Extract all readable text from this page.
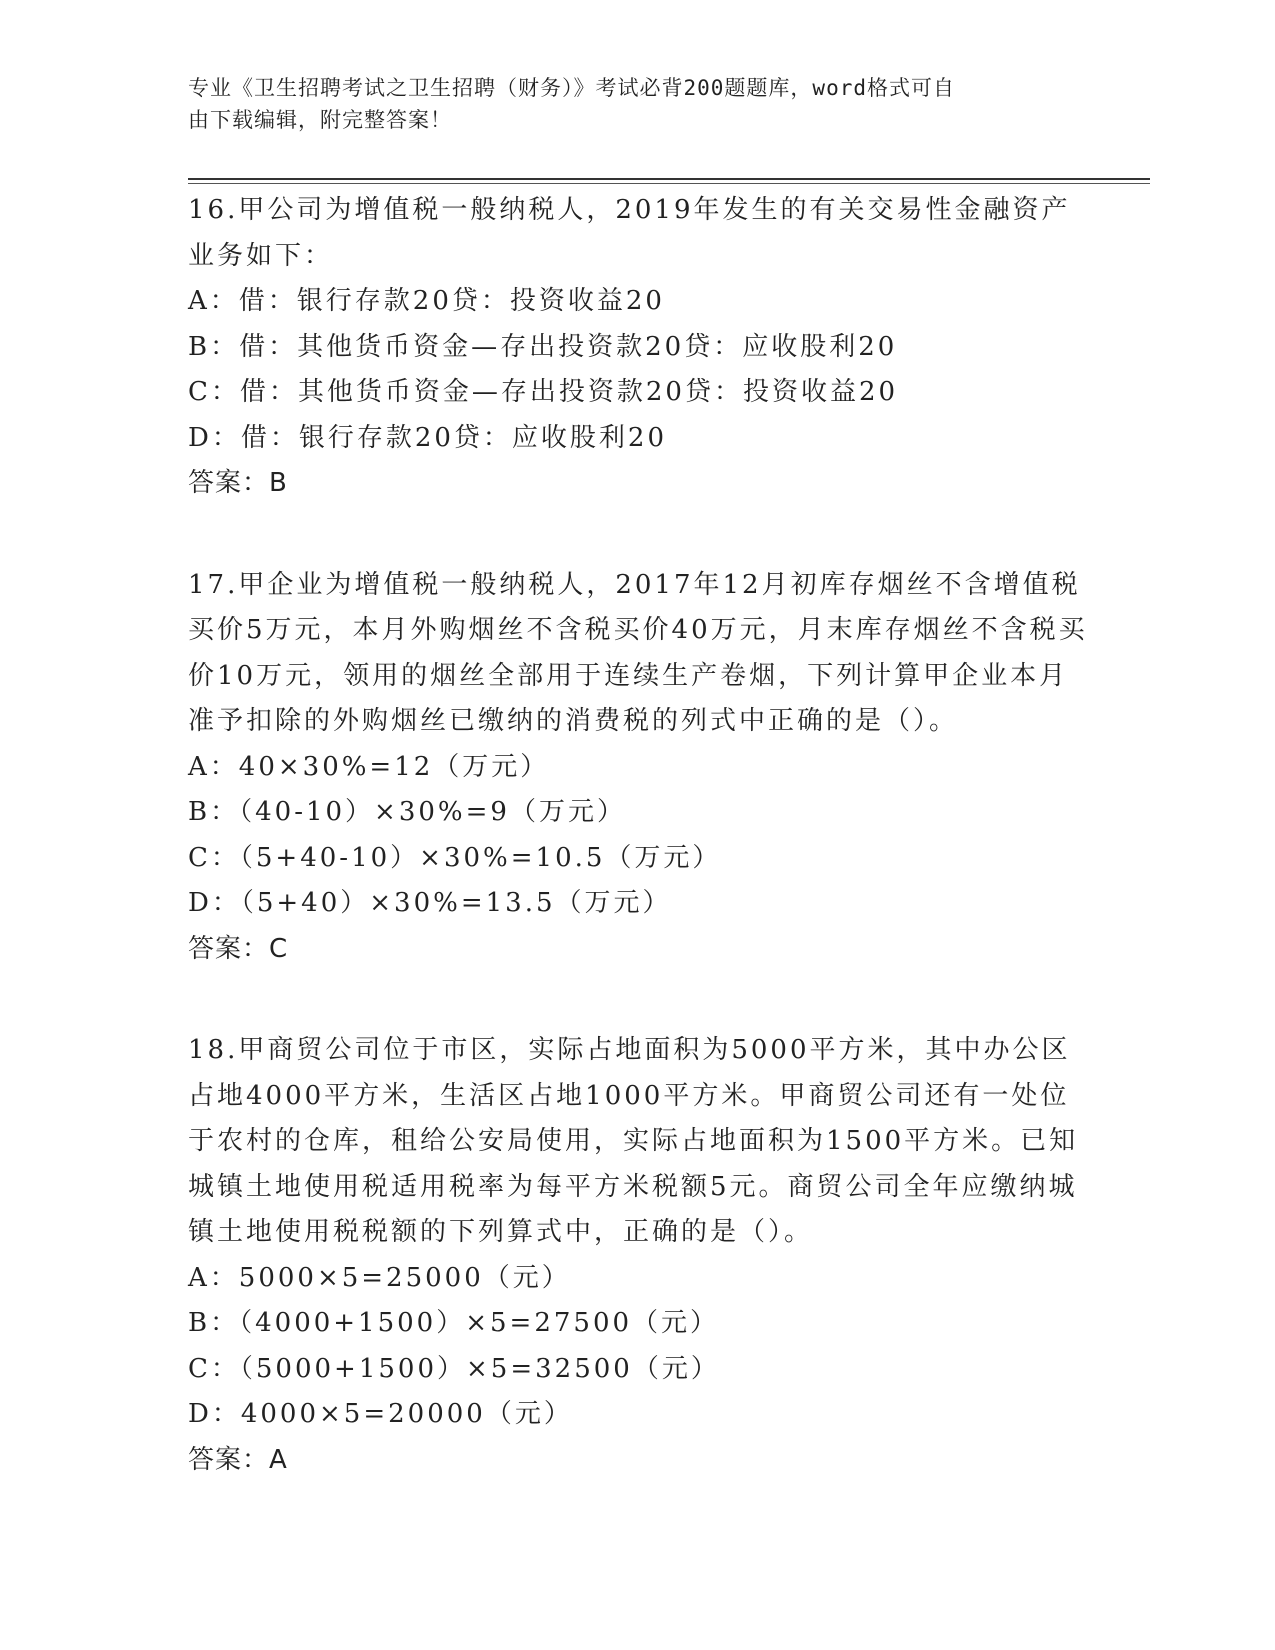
专业《卫生招聘考试之卫生招聘（财务）》考试必背200题题库，word格式可自
由下载编辑，附完整答案！

16.甲公司为增值税一般纳税人，2019年发生的有关交易性金融资产业务如下：

A：借：银行存款20贷：投资收益20

B：借：其他货币资金—存出投资款20贷：应收股利20

C：借：其他货币资金—存出投资款20贷：投资收益20

D：借：银行存款20贷：应收股利20

答案：B

17.甲企业为增值税一般纳税人，2017年12月初库存烟丝不含增值税买价5万元，本月外购烟丝不含税买价40万元，月末库存烟丝不含税买价10万元，领用的烟丝全部用于连续生产卷烟，下列计算甲企业本月准予扣除的外购烟丝已缴纳的消费税的列式中正确的是（）。

A：40×30%=12（万元）

B：（40-10）×30%=9（万元）

C：（5+40-10）×30%=10.5（万元）

D：（5+40）×30%=13.5（万元）

答案：C

18.甲商贸公司位于市区，实际占地面积为5000平方米，其中办公区占地4000平方米，生活区占地1000平方米。甲商贸公司还有一处位于农村的仓库，租给公安局使用，实际占地面积为1500平方米。已知城镇土地使用税适用税率为每平方米税额5元。商贸公司全年应缴纳城镇土地使用税税额的下列算式中，正确的是（）。

A：5000×5=25000（元）

B：（4000+1500）×5=27500（元）

C：（5000+1500）×5=32500（元）

D：4000×5=20000（元）

答案：A
